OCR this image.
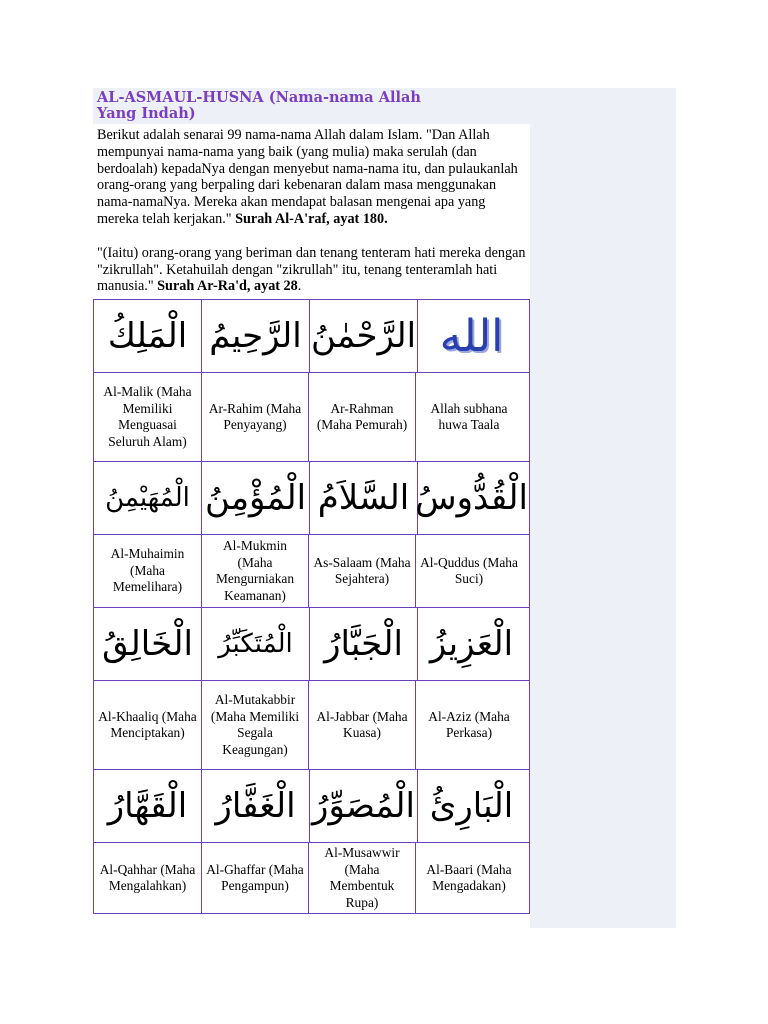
AL-ASMAUL-HUSNA (Nama-nama Allah Yang Indah)

Berikut adalah senarai 99 nama-nama Allah dalam Islam. "Dan Allah mempunyai nama-nama yang baik (yang mulia) maka serulah (dan berdoalah) kepadaNya dengan menyebut nama-nama itu, dan pulaukanlah orang-orang yang berpaling dari kebenaran dalam masa menggunakan nama-namaNya. Mereka akan mendapat balasan mengenai apa yang mereka telah kerjakan." Surah Al-A'raf, ayat 180.

"(Iaitu) orang-orang yang beriman dan tenang tenteram hati mereka dengan "zikrullah". Ketahuilah dengan "zikrullah" itu, tenang tenteramlah hati manusia." Surah Ar-Ra'd, ayat 28.

الْمَلِكُ الرَّحِيمُ الرَّحْمٰنُ الله
Al-Malik (Maha Memiliki Menguasai Seluruh Alam)
Ar-Rahim (Maha Penyayang)
Ar-Rahman (Maha Pemurah)
Allah subhana huwa Taala
الْمُهَيْمِنُ الْمُؤْمِنُ السَّلاَمُ الْقُدُّوسُ
Al-Muhaimin (Maha Memelihara)
Al-Mukmin (Maha Mengurniakan Keamanan)
As-Salaam (Maha Sejahtera)
Al-Quddus (Maha Suci)
الْخَالِقُ الْمُتَكَبِّرُ الْجَبَّارُ الْعَزِيزُ
Al-Khaaliq (Maha Menciptakan)
Al-Mutakabbir (Maha Memiliki Segala Keagungan)
Al-Jabbar (Maha Kuasa)
Al-Aziz (Maha Perkasa)
الْقَهَّارُ الْغَفَّارُ الْمُصَوِّرُ الْبَارِئُ
Al-Qahhar (Maha Mengalahkan)
Al-Ghaffar (Maha Pengampun)
Al-Musawwir (Maha Membentuk Rupa)
Al-Baari (Maha Mengadakan)
